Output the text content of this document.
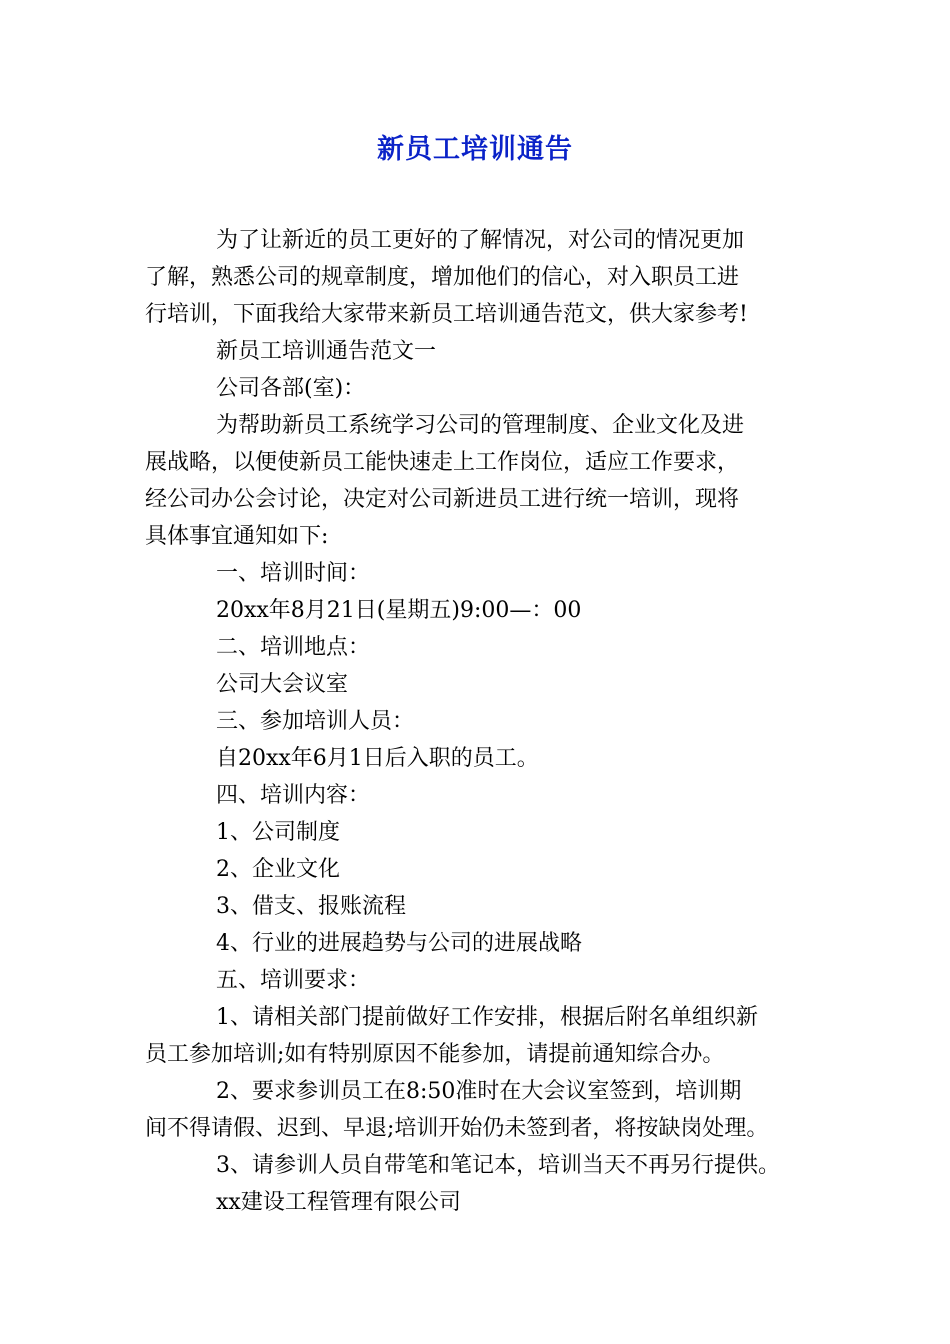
新员工培训通告
为了让新近的员工更好的了解情况，对公司的情况更加
了解，熟悉公司的规章制度，增加他们的信心，对入职员工进
行培训，下面我给大家带来新员工培训通告范文，供大家参考!
新员工培训通告范文一
公司各部(室)：
为帮助新员工系统学习公司的管理制度、企业文化及进
展战略，以便使新员工能快速走上工作岗位，适应工作要求，
经公司办公会讨论，决定对公司新进员工进行统一培训，现将
具体事宜通知如下:
一、培训时间：
20xx年8月21日(星期五)9:00—：00
二、培训地点：
公司大会议室
三、参加培训人员：
自20xx年6月1日后入职的员工。
四、培训内容：
1、公司制度
2、企业文化
3、借支、报账流程
4、行业的进展趋势与公司的进展战略
五、培训要求：
1、请相关部门提前做好工作安排，根据后附名单组织新
员工参加培训;如有特别原因不能参加，请提前通知综合办。
2、要求参训员工在8:50准时在大会议室签到，培训期
间不得请假、迟到、早退;培训开始仍未签到者，将按缺岗处理。
3、请参训人员自带笔和笔记本，培训当天不再另行提供。
xx建设工程管理有限公司
